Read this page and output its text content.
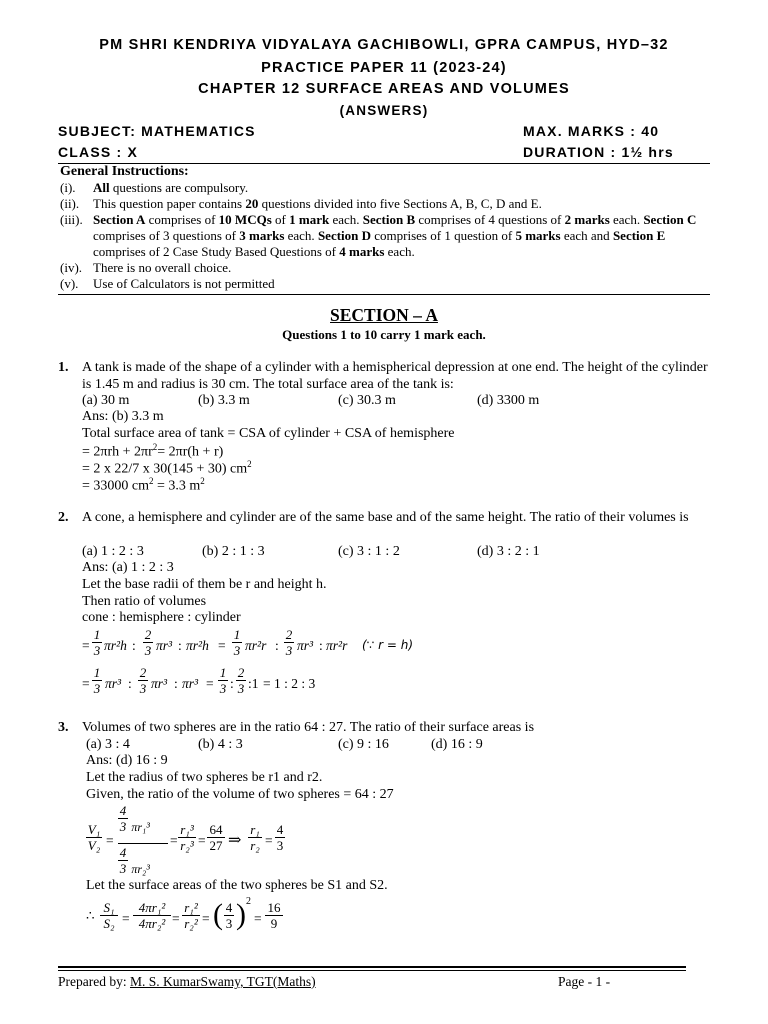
PM SHRI KENDRIYA VIDYALAYA GACHIBOWLI, GPRA CAMPUS, HYD–32
PRACTICE PAPER 11 (2023-24)
CHAPTER 12 SURFACE AREAS AND VOLUMES
(ANSWERS)
SUBJECT: MATHEMATICS	MAX. MARKS : 40
CLASS : X	DURATION : 1½ hrs
General Instructions:
(i). All questions are compulsory.
(ii). This question paper contains 20 questions divided into five Sections A, B, C, D and E.
(iii). Section A comprises of 10 MCQs of 1 mark each. Section B comprises of 4 questions of 2 marks each. Section C comprises of 3 questions of 3 marks each. Section D comprises of 1 question of 5 marks each and Section E comprises of 2 Case Study Based Questions of 4 marks each.
(iv). There is no overall choice.
(v). Use of Calculators is not permitted
SECTION – A
Questions 1 to 10 carry 1 mark each.
1. A tank is made of the shape of a cylinder with a hemispherical depression at one end. The height of the cylinder is 1.45 m and radius is 30 cm. The total surface area of the tank is:
(a) 30 m	(b) 3.3 m	(c) 30.3 m	(d) 3300 m
Ans: (b) 3.3 m
Total surface area of tank = CSA of cylinder + CSA of hemisphere
= $2\pi rh + 2\pi r^2= 2\pi r(h + r)$
= 2 x 22/7 x 30(145 + 30) $cm^2$
= 33000 $cm^2 = 3.3$ $m^2$
2. A cone, a hemisphere and cylinder are of the same base and of the same height. The ratio of their volumes is
(a) 1 : 2 : 3	(b) 2 : 1 : 3	(c) 3 : 1 : 2	(d) 3 : 2 : 1
Ans: (a) 1 : 2 : 3
Let the base radii of them be r and height h.
Then ratio of volumes
cone : hemisphere : cylinder
=
1
3 πr²h :
2
3 πr³ : πr²h =
1
3 πr²r :
2
3 πr³ : πr²r (∵ r = h)
=
1
3 πr³ :
2
3 πr³ : πr³ =
1
3 :
2
3 :1 = 1 : 2 : 3
3. Volumes of two spheres are in the ratio 64 : 27. The ratio of their surface areas is
(a) 3 : 4	(b) 4 : 3	(c) 9 : 16	(d) 16 : 9
Ans: (d) 16 : 9
Let the radius of two spheres be r1 and r2.
Given, the ratio of the volume of two spheres = 64 : 27
V₁
V₂ =
$\frac{4}{3} \pi r_1^3$
$\frac{4}{3} \pi r_2^3$
=
r₁³
r₂³ =
64
27 ⇒
r₁
r₂ =
4
3
Let the surface areas of the two spheres be S1 and S2.
∴
S₁
S₂ =
4πr₁²
4πr₂² =
r₁²
r₂² = ( 4
3 ) 2
=
16
9
Prepared by: M. S. KumarSwamy, TGT(Maths)	Page - 1 -
